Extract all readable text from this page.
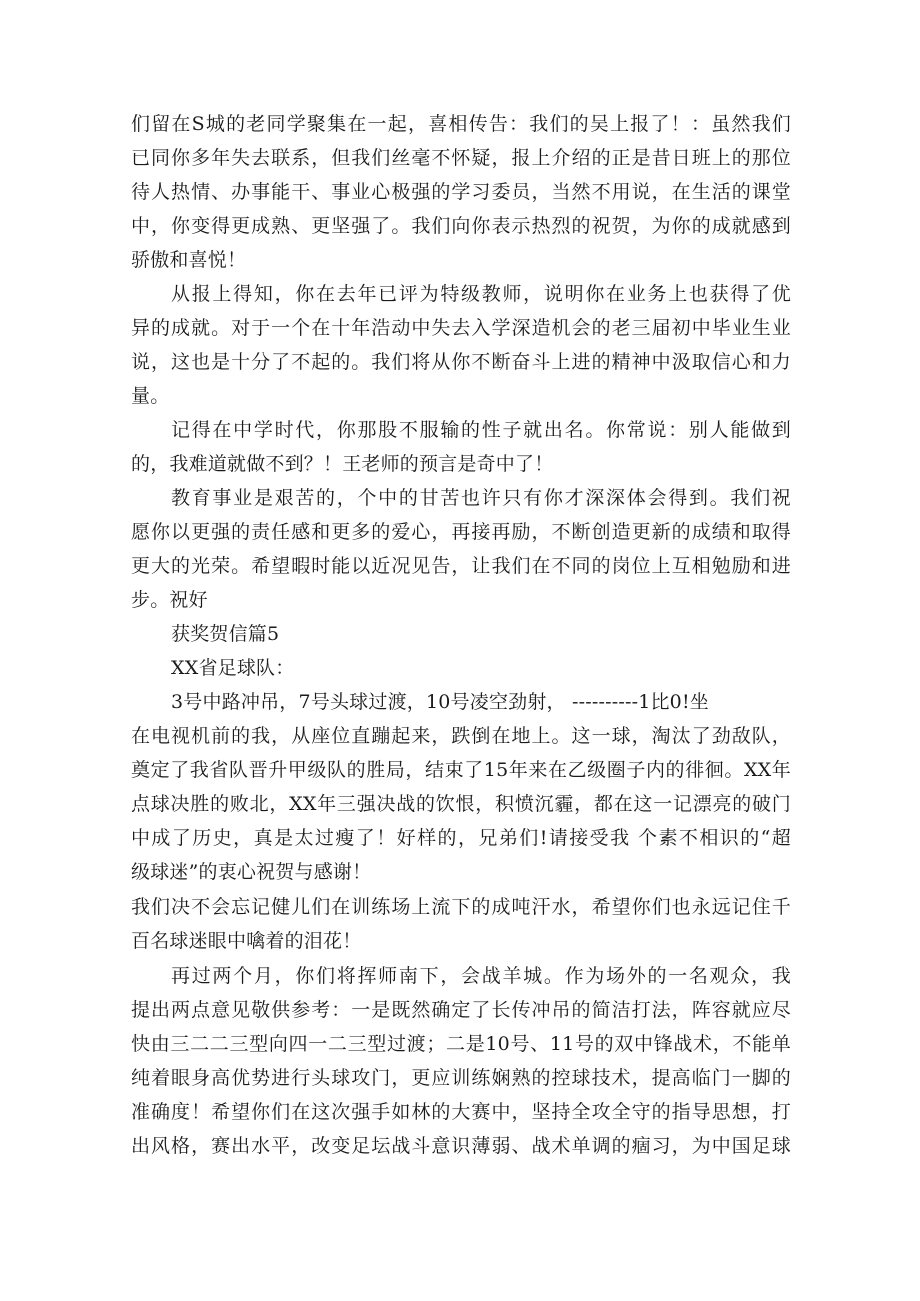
们留在S城的老同学聚集在一起，喜相传告：我们的吴上报了！：虽然我们
已同你多年失去联系，但我们丝毫不怀疑，报上介绍的正是昔日班上的那位
待人热情、办事能干、事业心极强的学习委员，当然不用说，在生活的课堂
中，你变得更成熟、更坚强了。我们向你表示热烈的祝贺，为你的成就感到
骄傲和喜悦！
从报上得知，你在去年已评为特级教师，说明你在业务上也获得了优
异的成就。对于一个在十年浩动中失去入学深造机会的老三届初中毕业生业
说，这也是十分了不起的。我们将从你不断奋斗上进的精神中汲取信心和力
量。
记得在中学时代，你那股不服输的性子就出名。你常说：别人能做到
的，我难道就做不到？！王老师的预言是奇中了！
教育事业是艰苦的，个中的甘苦也许只有你才深深体会得到。我们祝
愿你以更强的责任感和更多的爱心，再接再励，不断创造更新的成绩和取得
更大的光荣。希望暇时能以近况见告，让我们在不同的岗位上互相勉励和进
步。祝好
获奖贺信篇5
XX省足球队：
3号中路冲吊，7号头球过渡，10号凌空劲射， ----------1比0!坐
在电视机前的我，从座位直蹦起来，跌倒在地上。这一球，淘汰了劲敌队，
奠定了我省队晋升甲级队的胜局，结束了15年来在乙级圈子内的徘徊。XX年
点球决胜的败北，XX年三强决战的饮恨，积愤沉霾，都在这一记漂亮的破门
中成了历史，真是太过瘦了！好样的，兄弟们!请接受我 个素不相识的“超
级球迷”的衷心祝贺与感谢！
我们决不会忘记健儿们在训练场上流下的成吨汗水，希望你们也永远记住千
百名球迷眼中噙着的泪花！
再过两个月，你们将挥师南下，会战羊城。作为场外的一名观众，我
提出两点意见敬供参考：一是既然确定了长传冲吊的简洁打法，阵容就应尽
快由三二二三型向四一二三型过渡；二是10号、11号的双中锋战术，不能单
纯着眼身高优势进行头球攻门，更应训练娴熟的控球技术，提高临门一脚的
准确度！希望你们在这次强手如林的大赛中，坚持全攻全守的指导思想，打
出风格，赛出水平，改变足坛战斗意识薄弱、战术单调的痼习，为中国足球
